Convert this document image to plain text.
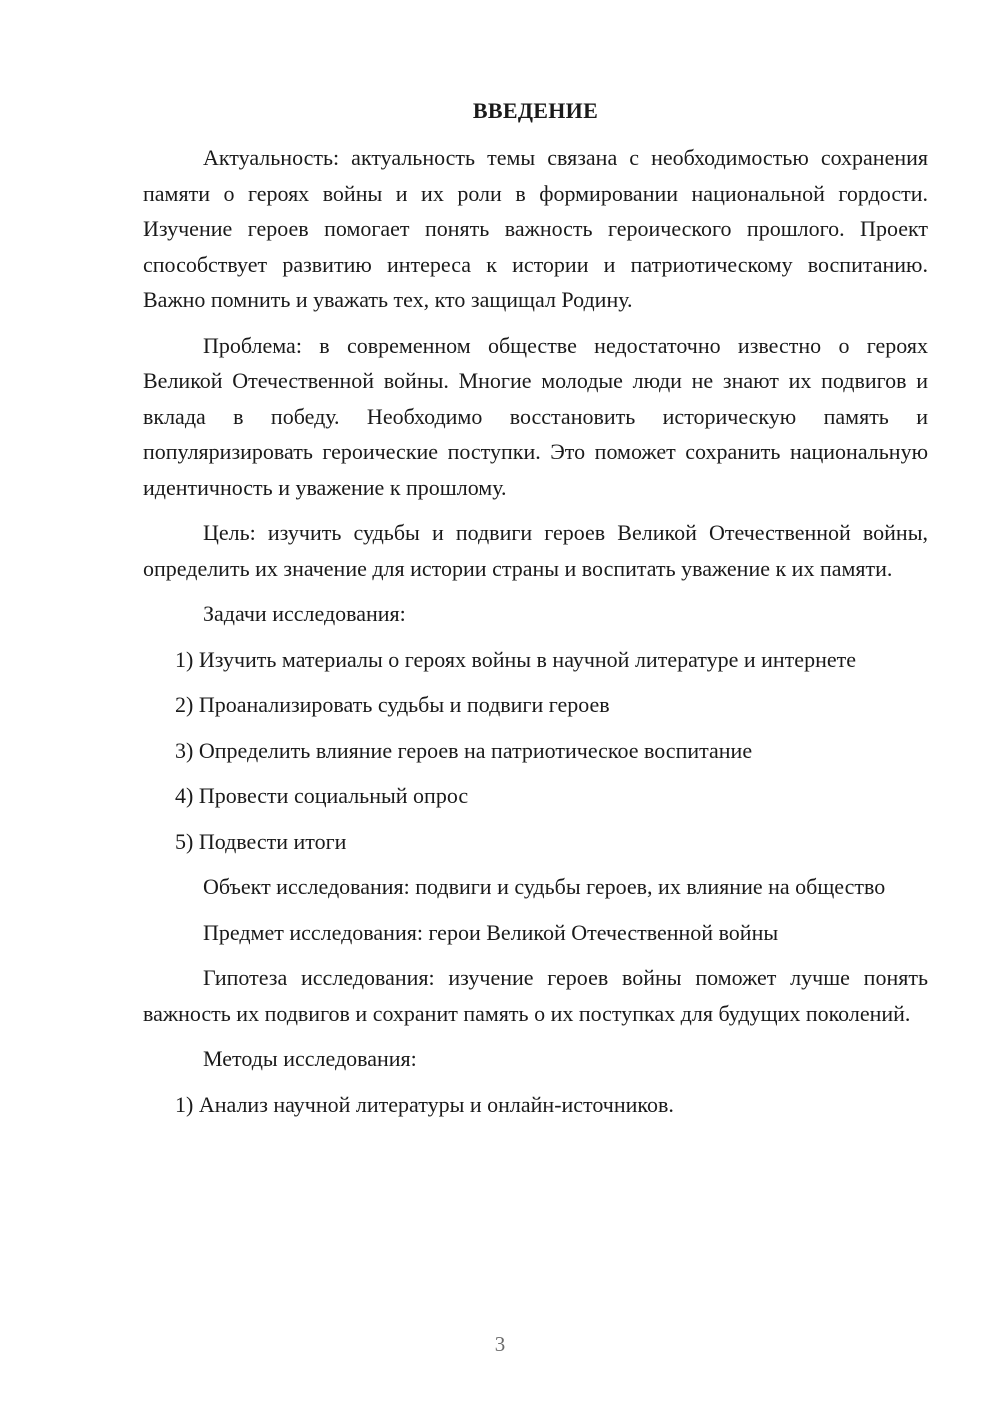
ВВЕДЕНИЕ

Актуальность: актуальность темы связана с необходимостью сохранения памяти о героях войны и их роли в формировании национальной гордости. Изучение героев помогает понять важность героического прошлого. Проект способствует развитию интереса к истории и патриотическому воспитанию. Важно помнить и уважать тех, кто защищал Родину.

Проблема: в современном обществе недостаточно известно о героях Великой Отечественной войны. Многие молодые люди не знают их подвигов и вклада в победу. Необходимо восстановить историческую память и популяризировать героические поступки. Это поможет сохранить национальную идентичность и уважение к прошлому.

Цель: изучить судьбы и подвиги героев Великой Отечественной войны, определить их значение для истории страны и воспитать уважение к их памяти.

Задачи исследования:

1) Изучить материалы о героях войны в научной литературе и интернете

2) Проанализировать судьбы и подвиги героев

3) Определить влияние героев на патриотическое воспитание

4) Провести социальный опрос

5) Подвести итоги

Объект исследования: подвиги и судьбы героев, их влияние на общество

Предмет исследования: герои Великой Отечественной войны

Гипотеза исследования: изучение героев войны поможет лучше понять важность их подвигов и сохранит память о их поступках для будущих поколений.

Методы исследования:

1) Анализ научной литературы и онлайн-источников.

3
